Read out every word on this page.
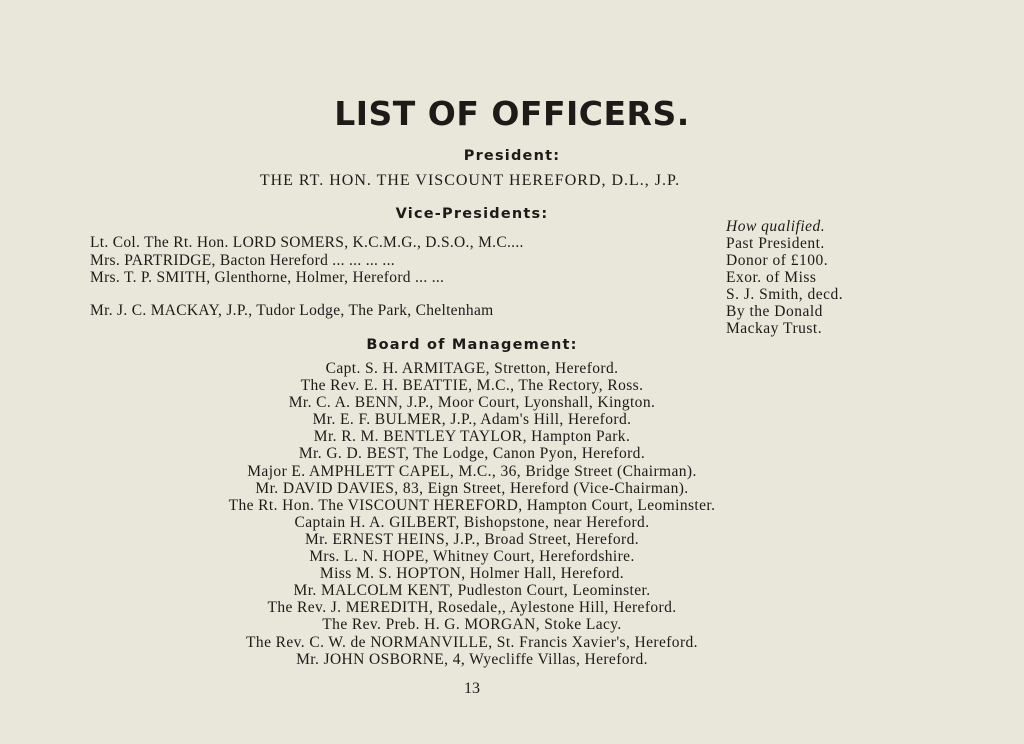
LIST OF OFFICERS.
President:
THE RT. HON. THE VISCOUNT HEREFORD, D.L., J.P.
Vice-Presidents:
Lt. Col. The Rt. Hon. LORD SOMERS, K.C.M.G., D.S.O., M.C....
Mrs. PARTRIDGE, Bacton Hereford ... ... ... ...
Mrs. T. P. SMITH, Glenthorne, Holmer, Hereford ... ...
Mr. J. C. MACKAY, J.P., Tudor Lodge, The Park, Cheltenham
How qualified.
Past President.
Donor of £100.
Exor. of Miss
S. J. Smith, decd.
By the Donald
Mackay Trust.
Board of Management:
Capt. S. H. ARMITAGE, Stretton, Hereford.
The Rev. E. H. BEATTIE, M.C., The Rectory, Ross.
Mr. C. A. BENN, J.P., Moor Court, Lyonshall, Kington.
Mr. E. F. BULMER, J.P., Adam's Hill, Hereford.
Mr. R. M. BENTLEY TAYLOR, Hampton Park.
Mr. G. D. BEST, The Lodge, Canon Pyon, Hereford.
Major E. AMPHLETT CAPEL, M.C., 36, Bridge Street (Chairman).
Mr. DAVID DAVIES, 83, Eign Street, Hereford (Vice-Chairman).
The Rt. Hon. The VISCOUNT HEREFORD, Hampton Court, Leominster.
Captain H. A. GILBERT, Bishopstone, near Hereford.
Mr. ERNEST HEINS, J.P., Broad Street, Hereford.
Mrs. L. N. HOPE, Whitney Court, Herefordshire.
Miss M. S. HOPTON, Holmer Hall, Hereford.
Mr. MALCOLM KENT, Pudleston Court, Leominster.
The Rev. J. MEREDITH, Rosedale,, Aylestone Hill, Hereford.
The Rev. Preb. H. G. MORGAN, Stoke Lacy.
The Rev. C. W. de NORMANVILLE, St. Francis Xavier's, Hereford.
Mr. JOHN OSBORNE, 4, Wyecliffe Villas, Hereford.
13
